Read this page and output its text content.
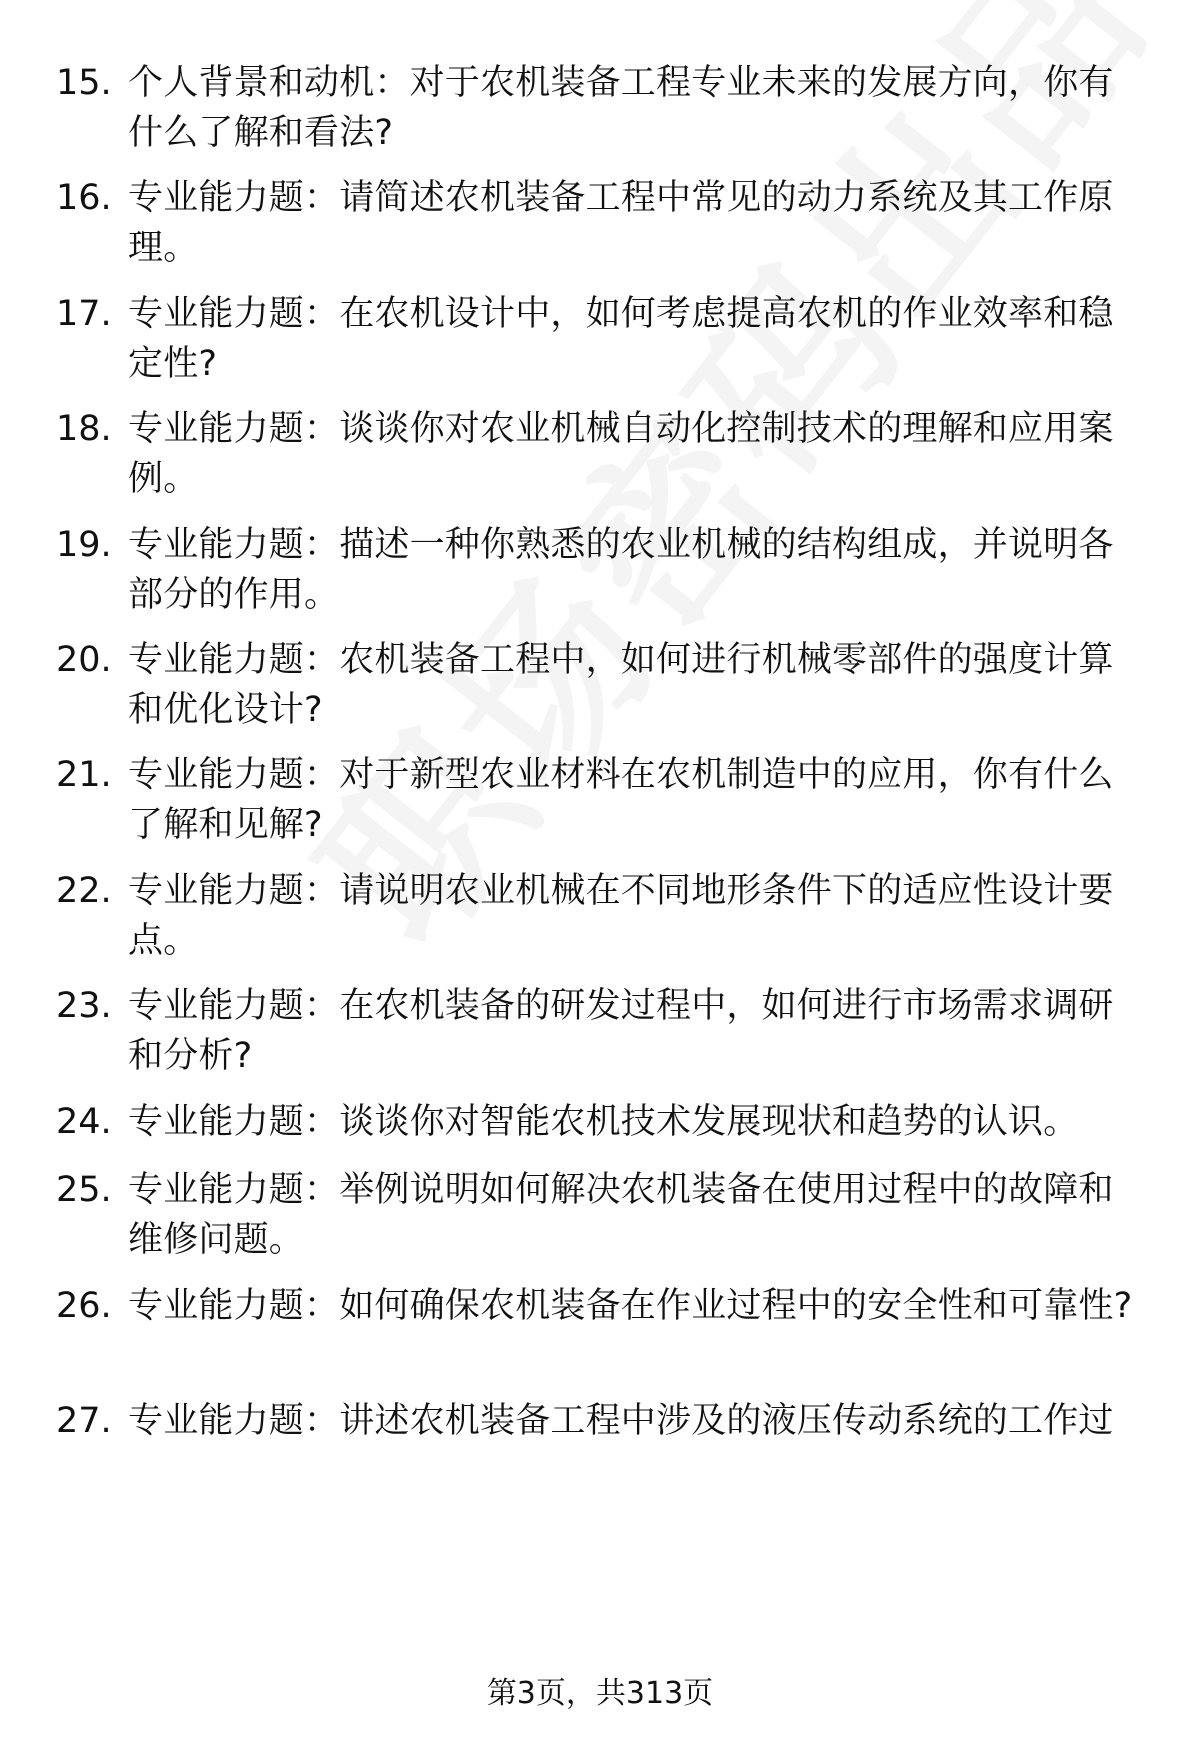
15. 个人背景和动机：对于农机装备工程专业未来的发展方向，你有什么了解和看法?
16. 专业能力题：请简述农机装备工程中常见的动力系统及其工作原理。
17. 专业能力题：在农机设计中，如何考虑提高农机的作业效率和稳定性?
18. 专业能力题：谈谈你对农业机械自动化控制技术的理解和应用案例。
19. 专业能力题：描述一种你熟悉的农业机械的结构组成，并说明各部分的作用。
20. 专业能力题：农机装备工程中，如何进行机械零部件的强度计算和优化设计?
21. 专业能力题：对于新型农业材料在农机制造中的应用，你有什么了解和见解?
22. 专业能力题：请说明农业机械在不同地形条件下的适应性设计要点。
23. 专业能力题：在农机装备的研发过程中，如何进行市场需求调研和分析?
24. 专业能力题：谈谈你对智能农机技术发展现状和趋势的认识。
25. 专业能力题：举例说明如何解决农机装备在使用过程中的故障和维修问题。
26. 专业能力题：如何确保农机装备在作业过程中的安全性和可靠性?
27. 专业能力题：讲述农机装备工程中涉及的液压传动系统的工作过
第3页，共313页
